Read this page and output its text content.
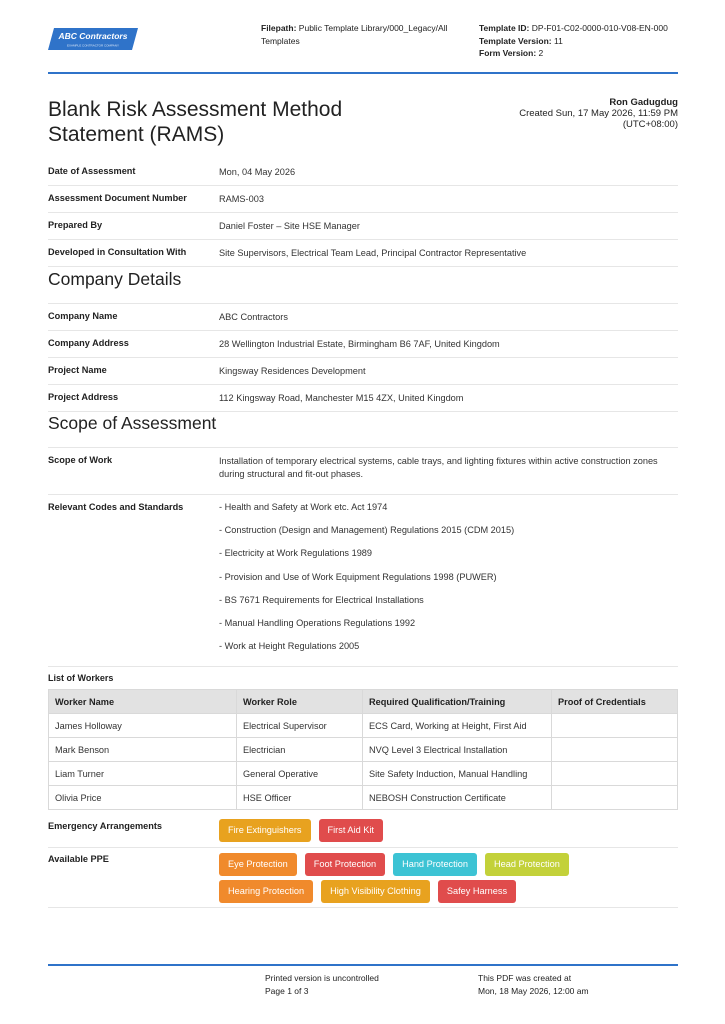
ABC Contractors
EXAMPLE CONTRACTOR COMPANY
Filepath: Public Template Library/000_Legacy/All Templates
Template ID: DP-F01-C02-0000-010-V08-EN-000
Template Version: 11
Form Version: 2
Blank Risk Assessment Method Statement (RAMS)
Ron Gadugdug
Created Sun, 17 May 2026, 11:59 PM
(UTC+08:00)
Date of Assessment	Mon, 04 May 2026
Assessment Document Number	RAMS-003
Prepared By	Daniel Foster – Site HSE Manager
Developed in Consultation With	Site Supervisors, Electrical Team Lead, Principal Contractor Representative
Company Details
Company Name	ABC Contractors
Company Address	28 Wellington Industrial Estate, Birmingham B6 7AF, United Kingdom
Project Name	Kingsway Residences Development
Project Address	112 Kingsway Road, Manchester M15 4ZX, United Kingdom
Scope of Assessment
Scope of Work	Installation of temporary electrical systems, cable trays, and lighting fixtures within active construction zones during structural and fit-out phases.
Relevant Codes and Standards	- Health and Safety at Work etc. Act 1974
- Construction (Design and Management) Regulations 2015 (CDM 2015)
- Electricity at Work Regulations 1989
- Provision and Use of Work Equipment Regulations 1998 (PUWER)
- BS 7671 Requirements for Electrical Installations
- Manual Handling Operations Regulations 1992
- Work at Height Regulations 2005
List of Workers
Worker Name	Worker Role	Required Qualification/Training	Proof of Credentials
James Holloway	Electrical Supervisor	ECS Card, Working at Height, First Aid	
Mark Benson	Electrician	NVQ Level 3 Electrical Installation	
Liam Turner	General Operative	Site Safety Induction, Manual Handling	
Olivia Price	HSE Officer	NEBOSH Construction Certificate	
Emergency Arrangements	Fire Extinguishers	First Aid Kit
Available PPE	Eye Protection	Foot Protection	Hand Protection	Head Protection
Hearing Protection	High Visibility Clothing	Safey Harness
Printed version is uncontrolled
Page 1 of 3
This PDF was created at
Mon, 18 May 2026, 12:00 am
